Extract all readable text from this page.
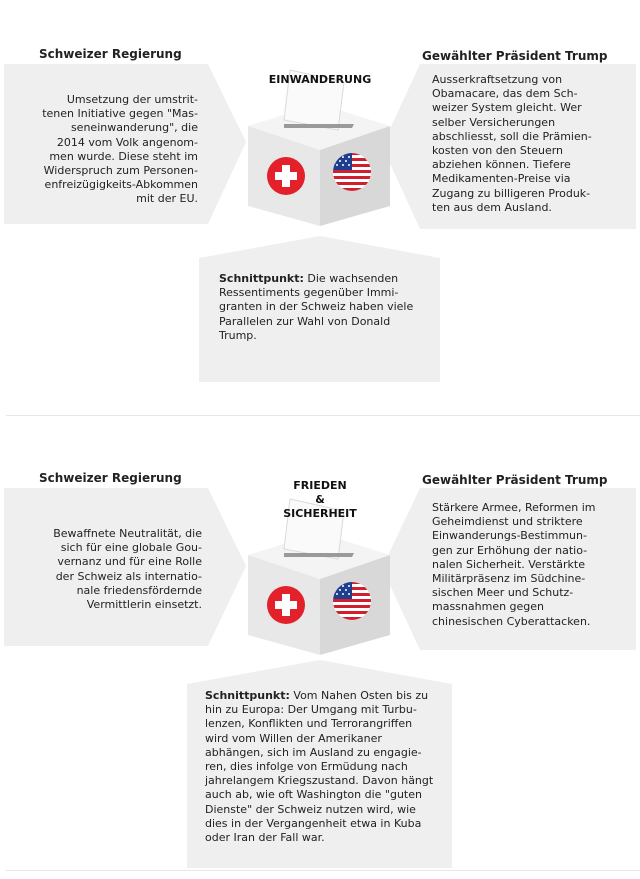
Schweizer Regierung	Gewählter Präsident Trump
Umsetzung der umstrit-
tenen Initiative gegen "Mas-
seneinwanderung", die
2014 vom Volk angenom-
men wurde. Diese steht im
Widerspruch zum Personen-
enfreizügigkeits-Abkommen
mit der EU.
Ausserkraftsetzung von
Obamacare, das dem Sch-
weizer System gleicht. Wer
selber Versicherungen
abschliesst, soll die Prämien-
kosten von den Steuern
abziehen können. Tiefere
Medikamenten-Preise via
Zugang zu billigeren Produk-
ten aus dem Ausland.
Schnittpunkt: Die wachsenden
Ressentiments gegenüber Immi-
granten in der Schweiz haben viele
Parallelen zur Wahl von Donald
Trump.
EINWANDERUNG
Schweizer Regierung	Gewählter Präsident Trump
Bewaffnete Neutralität, die
sich für eine globale Gou-
vernanz und für eine Rolle
der Schweiz als internatio-
nale friedensfördernde
Vermittlerin einsetzt.
Stärkere Armee, Reformen im
Geheimdienst und striktere
Einwanderungs-Bestimmun-
gen zur Erhöhung der natio-
nalen Sicherheit. Verstärkte
Militärpräsenz im Südchine-
sischen Meer und Schutz-
massnahmen gegen
chinesischen Cyberattacken.
Schnittpunkt: Vom Nahen Osten bis zu
hin zu Europa: Der Umgang mit Turbu-
lenzen, Konflikten und Terrorangriffen
wird vom Willen der Amerikaner
abhängen, sich im Ausland zu engagie-
ren, dies infolge von Ermüdung nach
jahrelangem Kriegszustand. Davon hängt
auch ab, wie oft Washington die "guten
Dienste" der Schweiz nutzen wird, wie
dies in der Vergangenheit etwa in Kuba
oder Iran der Fall war.
FRIEDEN
&
SICHERHEIT
